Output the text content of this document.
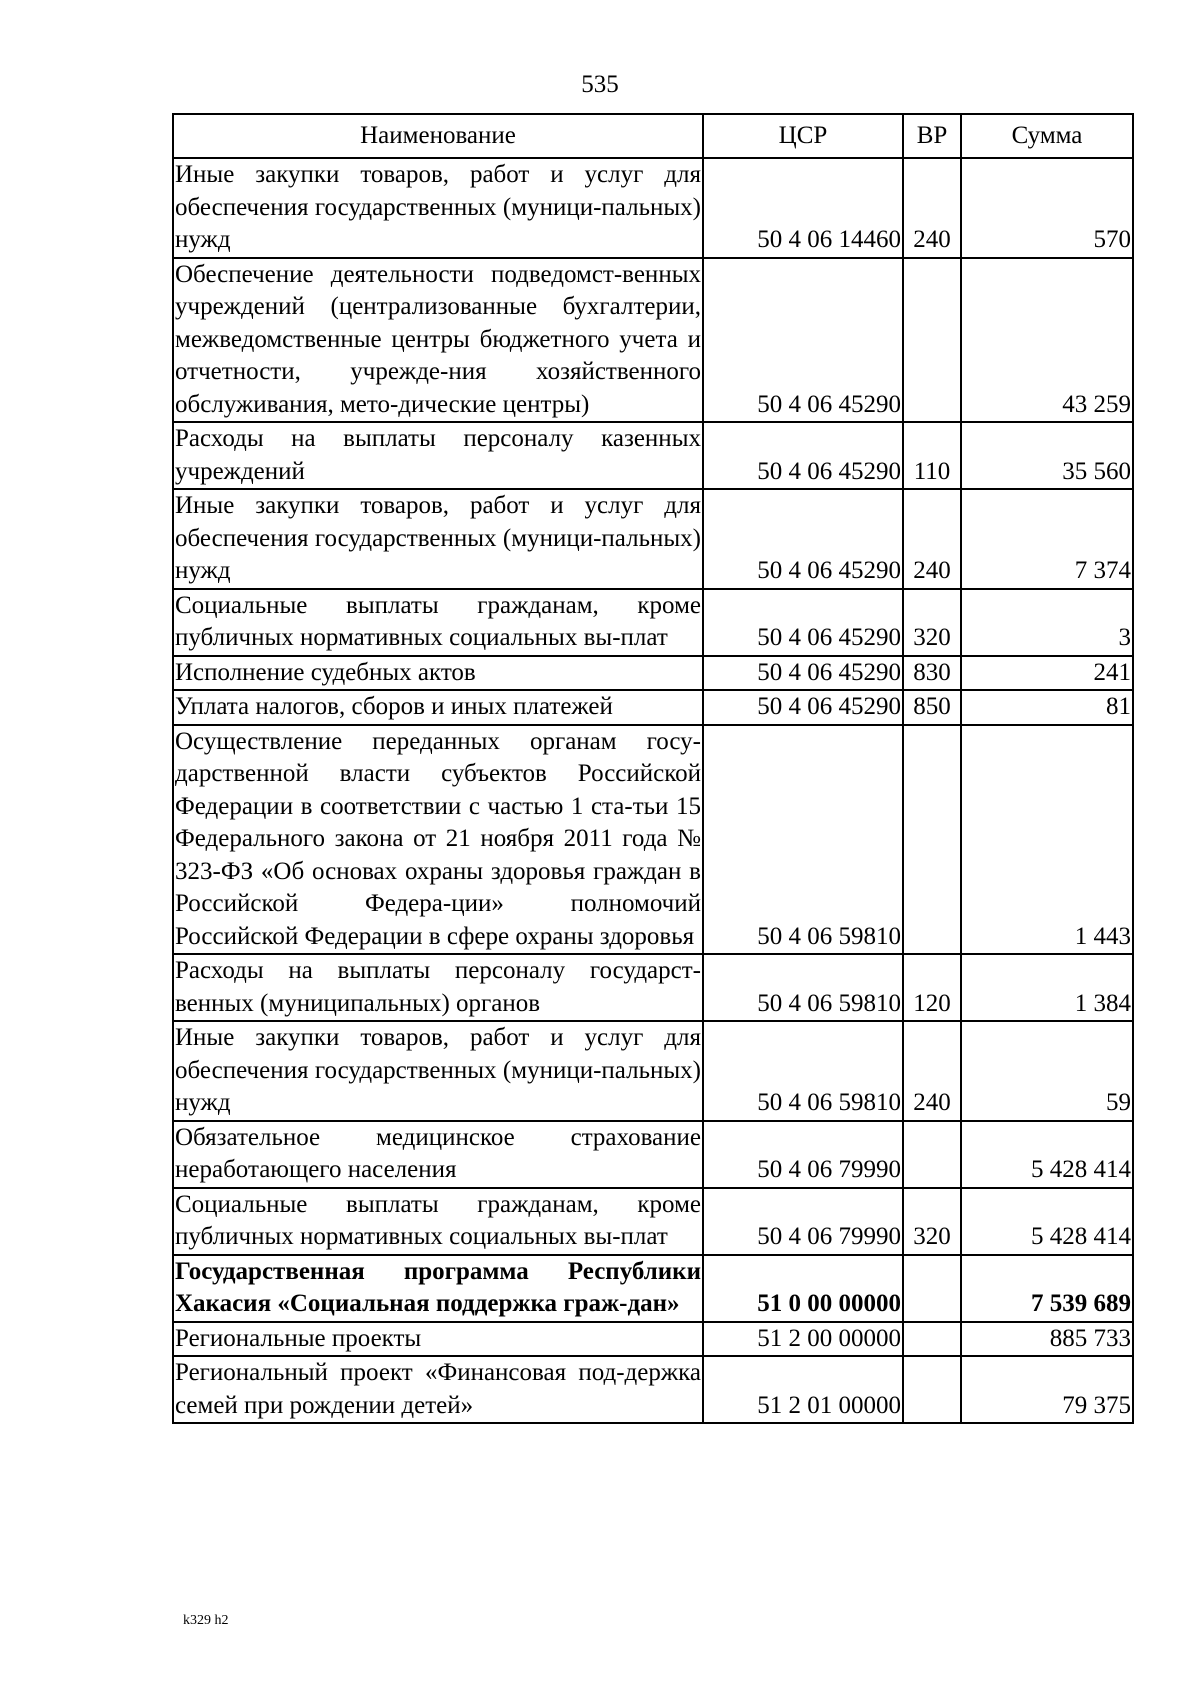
535
Наименование	ЦСР	ВР	Сумма
Иные закупки товаров, работ и услуг для обеспечения государственных (муници-пальных) нужд	50 4 06 14460	240	570
Обеспечение деятельности подведомст-венных учреждений (централизованные бухгалтерии, межведомственные центры бюджетного учета и отчетности, учрежде-ния хозяйственного обслуживания, мето-дические центры)	50 4 06 45290		43 259
Расходы на выплаты персоналу казенных учреждений	50 4 06 45290	110	35 560
Иные закупки товаров, работ и услуг для обеспечения государственных (муници-пальных) нужд	50 4 06 45290	240	7 374
Социальные выплаты гражданам, кроме публичных нормативных социальных вы-плат	50 4 06 45290	320	3
Исполнение судебных актов	50 4 06 45290	830	241
Уплата налогов, сборов и иных платежей	50 4 06 45290	850	81
Осуществление переданных органам госу-дарственной власти субъектов Российской Федерации в соответствии с частью 1 ста-тьи 15 Федерального закона от 21 ноября 2011 года № 323-ФЗ «Об основах охраны здоровья граждан в Российской Федера-ции» полномочий Российской Федерации в сфере охраны здоровья	50 4 06 59810		1 443
Расходы на выплаты персоналу государст-венных (муниципальных) органов	50 4 06 59810	120	1 384
Иные закупки товаров, работ и услуг для обеспечения государственных (муници-пальных) нужд	50 4 06 59810	240	59
Обязательное медицинское страхование неработающего населения	50 4 06 79990		5 428 414
Социальные выплаты гражданам, кроме публичных нормативных социальных вы-плат	50 4 06 79990	320	5 428 414
Государственная программа Республики Хакасия «Социальная поддержка граж-дан»	51 0 00 00000		7 539 689
Региональные проекты	51 2 00 00000		885 733
Региональный проект «Финансовая под-держка семей при рождении детей»	51 2 01 00000		79 375
k329 h2
